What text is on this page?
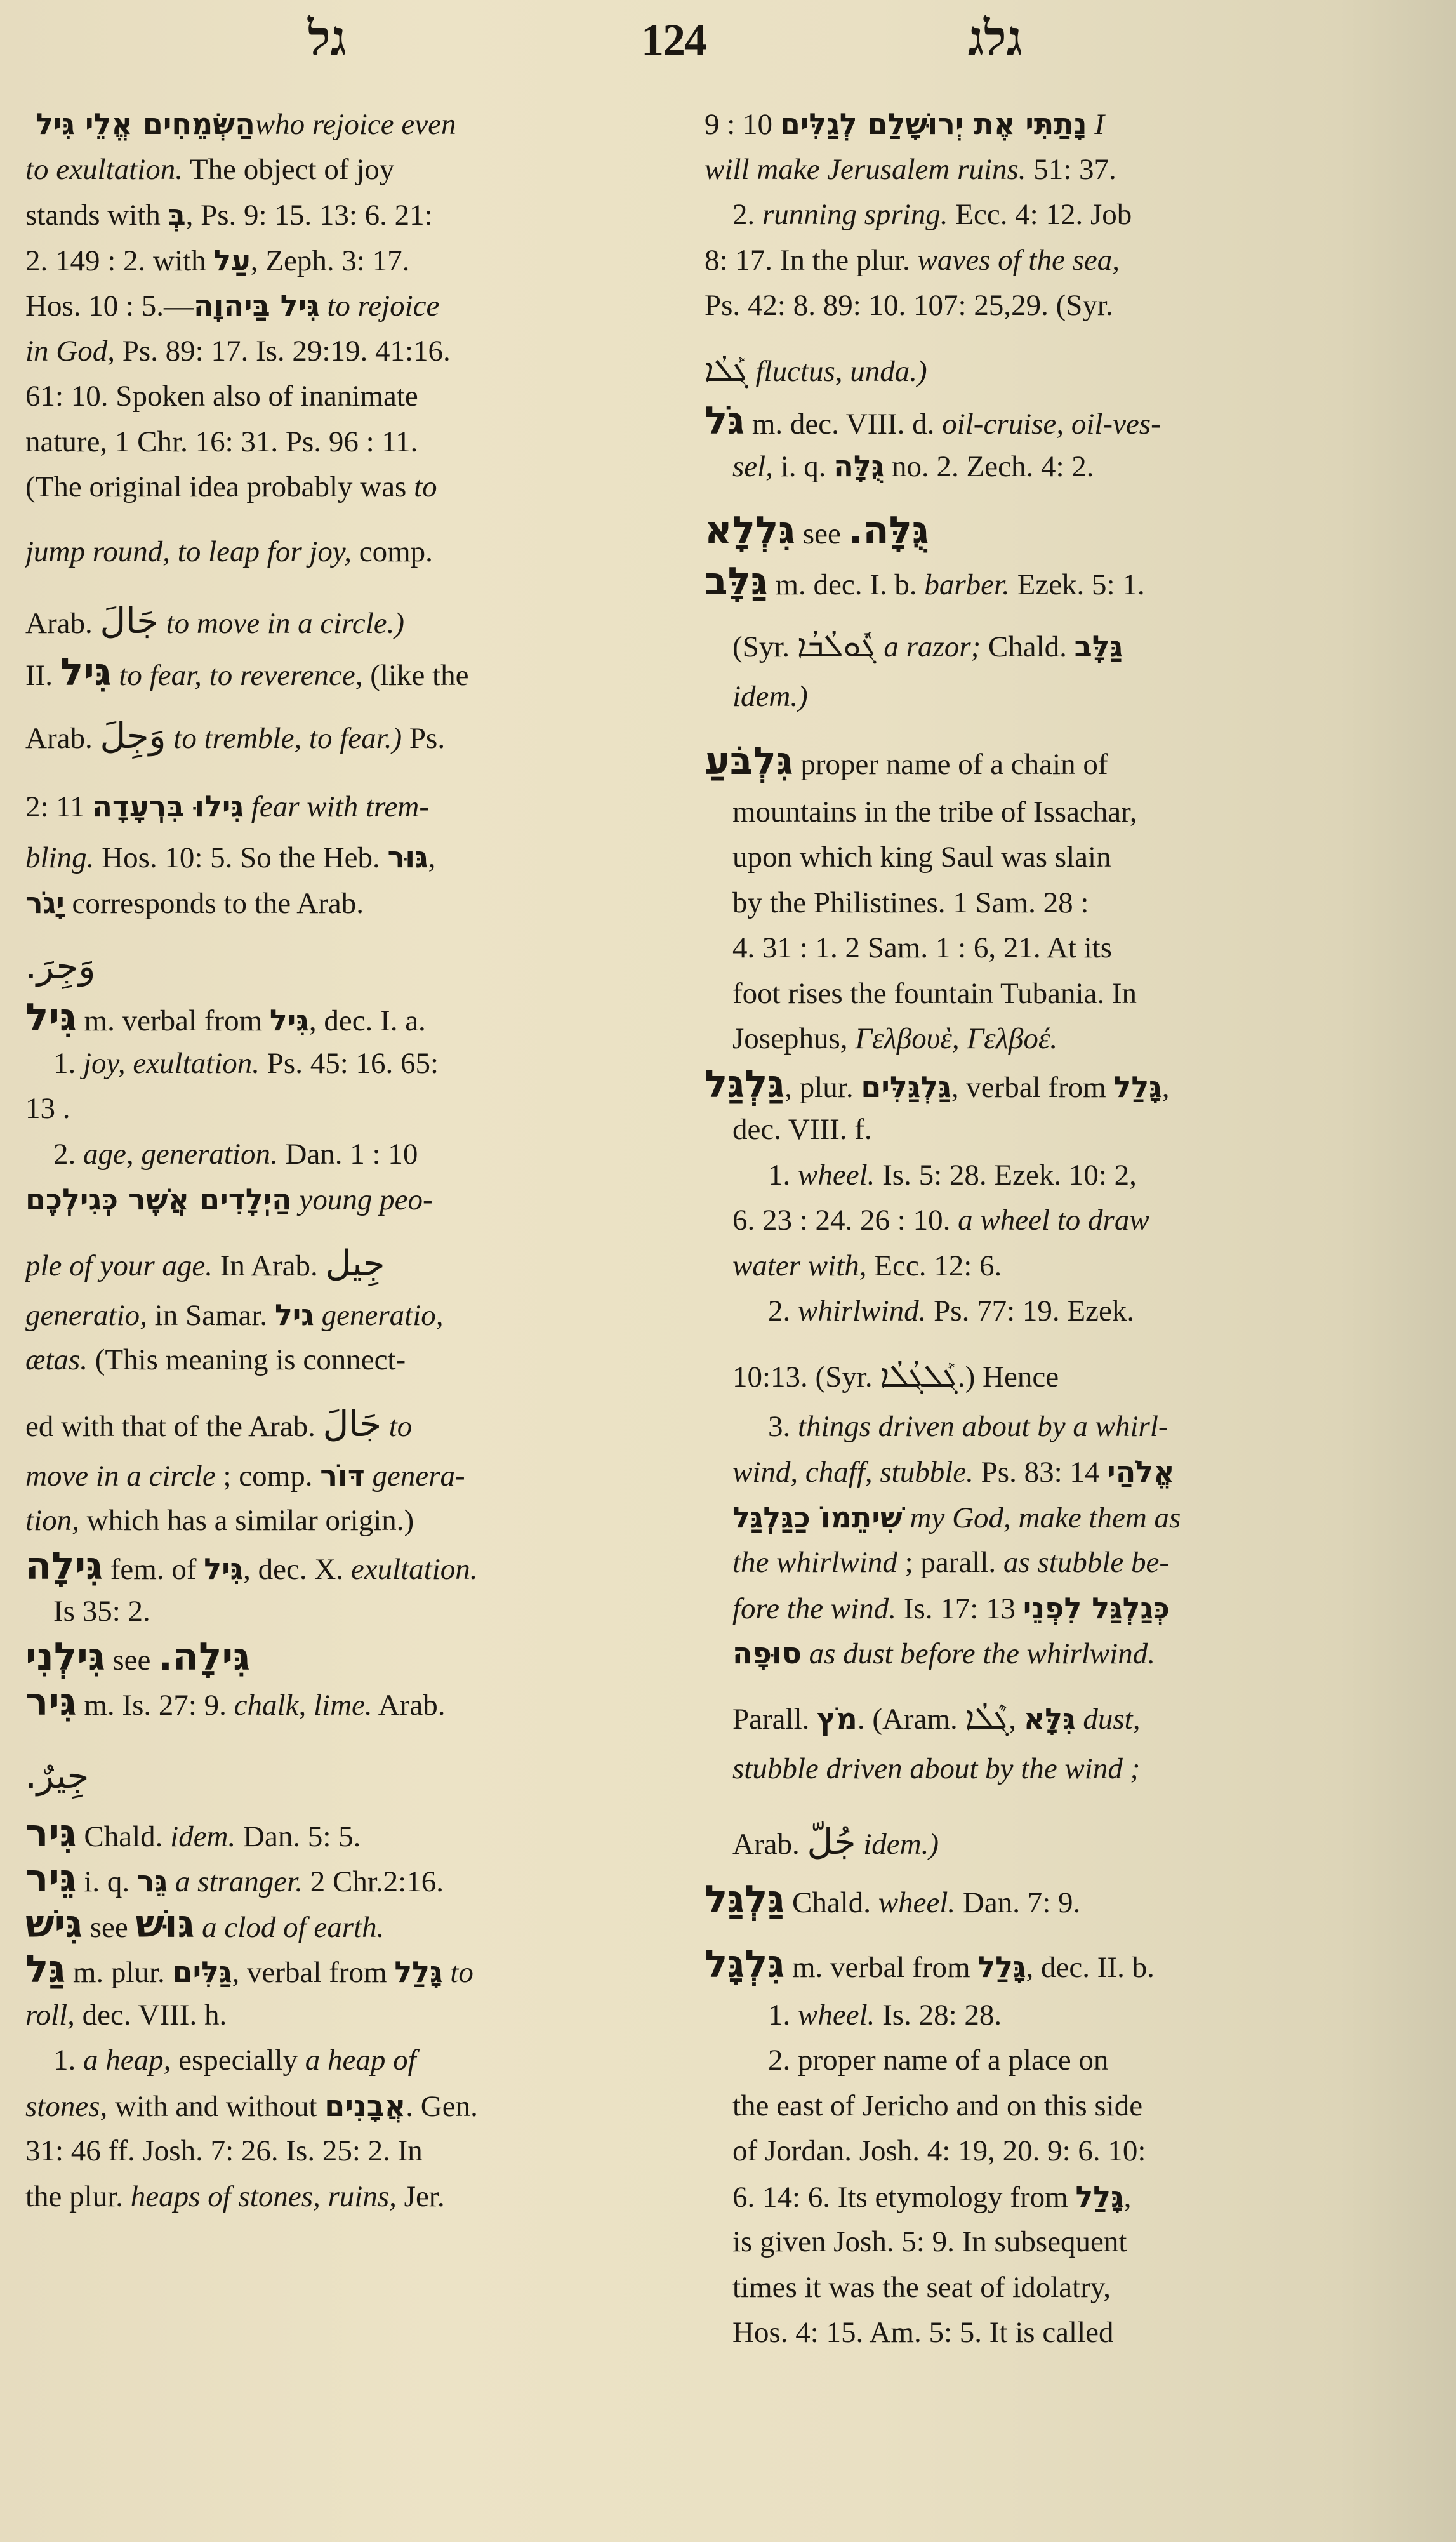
גל	124	גלג
גִּיל הַשְּׂמֵחִים אֱלֵי who rejoice even
to exultation. The object of joy
stands with בְּ, Ps. 9: 15. 13: 6. 21:
2. 149 : 2. with עַל, Zeph. 3: 17.
Hos. 10 : 5.—גִּיל בַּיהוָה to rejoice
in God, Ps. 89: 17. Is. 29:19. 41:16.
61: 10. Spoken also of inanimate
nature, 1 Chr. 16: 31. Ps. 96 : 11.
(The original idea probably was to
jump round, to leap for joy, comp.
Arab. جَالَ to move in a circle.)
II. גִּיל to fear, to reverence, (like the
Arab. وَجِلَ to tremble, to fear.) Ps.
2: 11 גִּילוּ בִּרְעָדָה fear with trem-
bling. Hos. 10: 5. So the Heb. גּוּר,
יָגֹר corresponds to the Arab.
وَجِرَ.
גִּיל m. verbal from גִּיל, dec. I. a.
1. joy, exultation. Ps. 45: 16. 65:
13 .
2. age, generation. Dan. 1 : 10
הַיְלָדִים אֲשֶׁר כְּגִילְכֶם young peo-
ple of your age. In Arab. جِيل
generatio, in Samar. גיל generatio,
ætas. (This meaning is connect-
ed with that of the Arab. جَالَ to
move in a circle ; comp. דּוֹר genera-
tion, which has a similar origin.)
גִּילָה fem. of גִּיל, dec. X. exultation.
Is 35: 2.
גִּילְנִי see גִּילָה.
גִּיר m. Is. 27: 9. chalk, lime. Arab.
جِيرٌ.
גִּיר Chald. idem. Dan. 5: 5.
גֵּיר i. q. גֵּר a stranger. 2 Chr.2:16.
גִּישׁ see גּוּשׁ a clod of earth.
גַּל m. plur. גַּלִּים, verbal from גָּלַל to
roll, dec. VIII. h.
1. a heap, especially a heap of
stones, with and without אֲבָנִים. Gen.
31: 46 ff. Josh. 7: 26. Is. 25: 2. In
the plur. heaps of stones, ruins, Jer.
9 : 10 נָתַתִּי אֶת יְרוּשָׁלִַם לְגַלִּים I
will make Jerusalem ruins. 51: 37.
2. running spring. Ecc. 4: 12. Job
8: 17. In the plur. waves of the sea,
Ps. 42: 8. 89: 10. 107: 25,29. (Syr.
ܓܰܠܳܐ fluctus, unda.)
גֹּל m. dec. VIII. d. oil-cruise, oil-ves-
sel, i. q. גֻּלָּה no. 2. Zech. 4: 2.
גִּלְלָא see גֻּלָּה.
גַּלָּב m. dec. I. b. barber. Ezek. 5: 1.
(Syr. ܓܽܘܠܳܒܳܐ a razor; Chald. גַּלָּב
idem.)
גִּלְבֹּעַ proper name of a chain of
mountains in the tribe of Issachar,
upon which king Saul was slain
by the Philistines. 1 Sam. 28 :
4. 31 : 1. 2 Sam. 1 : 6, 21. At its
foot rises the fountain Tubania. In
Josephus, Γελβουὲ, Γελβοέ.
גַּלְגַּל, plur. גַּלְגַּלִּים, verbal from גָּלַל,
dec. VIII. f.
1. wheel. Is. 5: 28. Ezek. 10: 2,
6. 23 : 24. 26 : 10. a wheel to draw
water with, Ecc. 12: 6.
2. whirlwind. Ps. 77: 19. Ezek.
10:13. (Syr. ܓܰܠܓܳܠܳܐ.) Hence
3. things driven about by a whirl-
wind, chaff, stubble. Ps. 83: 14 אֱלֹהַי
שִׁיתֵמוֹ כַגַּלְגַּל my God, make them as
the whirlwind ; parall. as stubble be-
fore the wind. Is. 17: 13 כְּגַלְגַּל לִפְנֵי
סוּפָה as dust before the whirlwind.
Parall. מֹץ. (Aram. ܓܶܠܳܐ, גִּלָּא dust,
stubble driven about by the wind ;
Arab. جُلّ idem.)
גַּלְגַּל Chald. wheel. Dan. 7: 9.
גִּלְגָּל m. verbal from גָּלַל, dec. II. b.
1. wheel. Is. 28: 28.
2. proper name of a place on
the east of Jericho and on this side
of Jordan. Josh. 4: 19, 20. 9: 6. 10:
6. 14: 6. Its etymology from גָּלַל,
is given Josh. 5: 9. In subsequent
times it was the seat of idolatry,
Hos. 4: 15. Am. 5: 5. It is called
